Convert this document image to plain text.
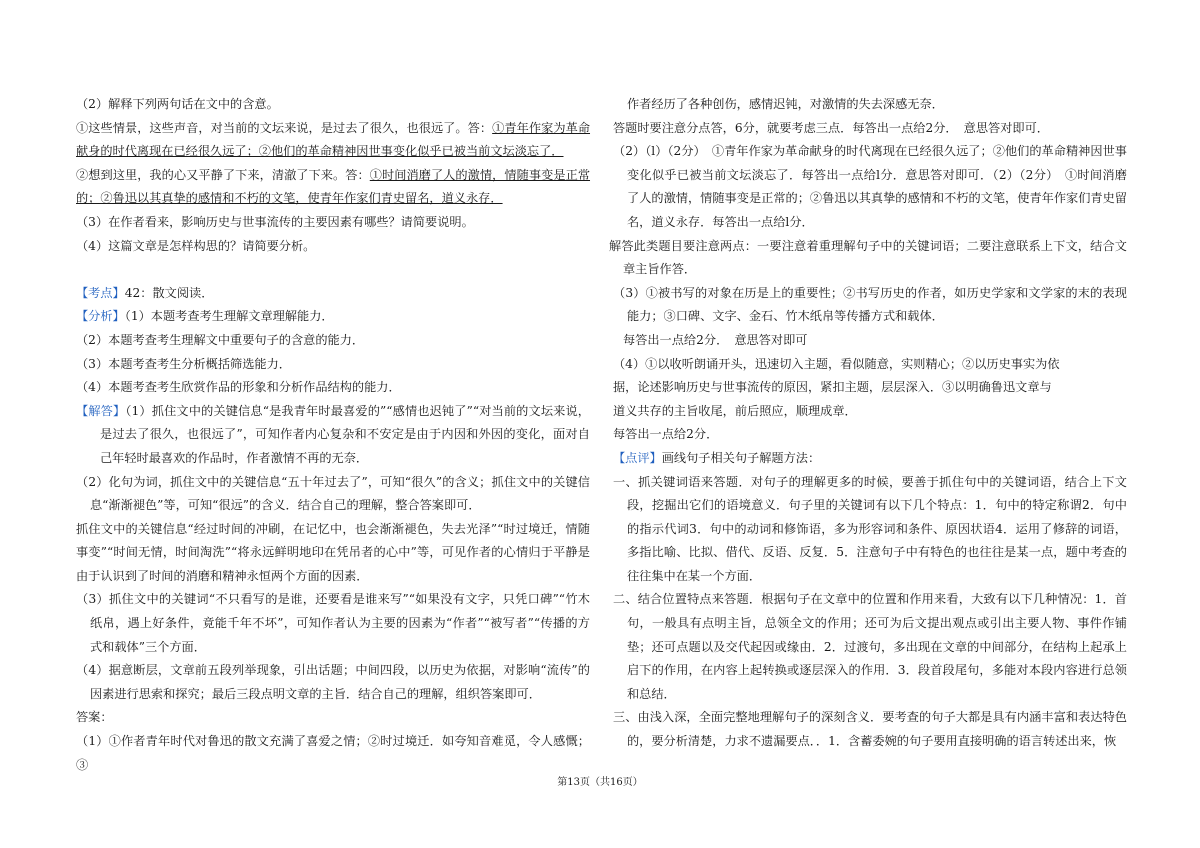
（2）解释下列两句话在文中的含意。

①这些情景，这些声音，对当前的文坛来说，是过去了很久，也很远了。答：①青年作家为革命献身的时代离现在已经很久远了；②他们的革命精神因世事变化似乎已被当前文坛淡忘了．

②想到这里，我的心又平静了下来，清澈了下来。答：①时间消磨了人的激情，情随事变是正常的；②鲁迅以其真挚的感情和不朽的文笔，使青年作家们青史留名，道义永存．

（3）在作者看来，影响历史与世事流传的主要因素有哪些？请简要说明。

（4）这篇文章是怎样构思的？请简要分析。

【考点】42：散文阅读．

【分析】（1）本题考查考生理解文章理解能力．

（2）本题考查考生理解文中重要句子的含意的能力．

（3）本题考查考生分析概括筛选能力．

（4）本题考查考生欣赏作品的形象和分析作品结构的能力．

【解答】（1）抓住文中的关键信息“是我青年时最喜爱的”“感情也迟钝了”“对当前的文坛来说，是过去了很久，也很远了”，可知作者内心复杂和不安定是由于内因和外因的变化，面对自己年轻时最喜欢的作品时，作者激情不再的无奈．

（2）化句为词，抓住文中的关键信息“五十年过去了”，可知“很久”的含义；抓住文中的关键信息“渐渐褪色”等，可知“很远”的含义．结合自己的理解，整合答案即可．

抓住文中的关键信息“经过时间的冲刷，在记忆中，也会渐渐褪色，失去光泽”“时过境迁，情随事变”“时间无情，时间淘洗”“将永远鲜明地印在凭吊者的心中”等，可见作者的心情归于平静是由于认识到了时间的消磨和精神永恒两个方面的因素．

（3）抓住文中的关键词“不只看写的是谁，还要看是谁来写”“如果没有文字，只凭口碑”“竹木纸帛，遇上好条件，竟能千年不坏”，可知作者认为主要的因素为“作者”“被写者”“传播的方式和载体”三个方面．

（4）据意断层，文章前五段列举现象，引出话题；中间四段，以历史为依据，对影响“流传”的因素进行思索和探究；最后三段点明文章的主旨．结合自己的理解，组织答案即可．

答案：

（1）①作者青年时代对鲁迅的散文充满了喜爱之情；②时过境迁．如夸知音难觅，令人感慨；③

作者经历了各种创伤，感情迟钝，对激情的失去深感无奈．

答题时要注意分点答，6分，就要考虑三点．每答出一点给2分．　意思答对即可．

（2）（l）（2分）　①青年作家为革命献身的时代离现在已经很久远了；②他们的革命精神因世事变化似乎已被当前文坛淡忘了．每答出一点给l分．意思答对即可．（2）（2分）　①时间消磨了人的激情，情随事变是正常的；②鲁迅以其真挚的感情和不朽的文笔，使青年作家们青史留名，道义永存．每答出一点给l分．

解答此类题目要注意两点：一要注意着重理解句子中的关键词语；二要注意联系上下文，结合文章主旨作答．

（3）①被书写的对象在历是上的重要性；②书写历史的作者，如历史学家和文学家的末的表现能力；③口碑、文字、金石、竹木纸帛等传播方式和载体．

每答出一点给2分．　意思答对即可

（4）①以收听朗诵开头，迅速切入主题，看似随意，实则精心；②以历史事实为依

据，论述影响历史与世事流传的原因，紧扣主题，层层深入．③以明确鲁迅文章与

道义共存的主旨收尾，前后照应，顺理成章．

每答出一点给2分．

【点评】画线句子相关句子解题方法：

一、抓关键词语来答题．对句子的理解更多的时候，要善于抓住句中的关键词语，结合上下文段，挖掘出它们的语境意义．句子里的关键词有以下几个特点：1．句中的特定称谓2．句中的指示代词3．句中的动词和修饰语，多为形容词和条件、原因状语4．运用了修辞的词语，多指比喻、比拟、借代、反语、反复．5．注意句子中有特色的也往往是某一点，题中考查的往往集中在某一个方面．

二、结合位置特点来答题．根据句子在文章中的位置和作用来看，大致有以下几种情况：1．首句，一般具有点明主旨，总领全文的作用；还可为后文提出观点或引出主要人物、事件作铺垫；还可点题以及交代起因或缘由．2．过渡句，多出现在文章的中间部分，在结构上起承上启下的作用，在内容上起转换或逐层深入的作用．3．段首段尾句，多能对本段内容进行总领和总结．

三、由浅入深，全面完整地理解句子的深刻含义．要考查的句子大都是具有内涵丰富和表达特色的，要分析清楚，力求不遗漏要点．．1．含蓄委婉的句子要用直接明确的语言转述出来，恢

第13页（共16页）
